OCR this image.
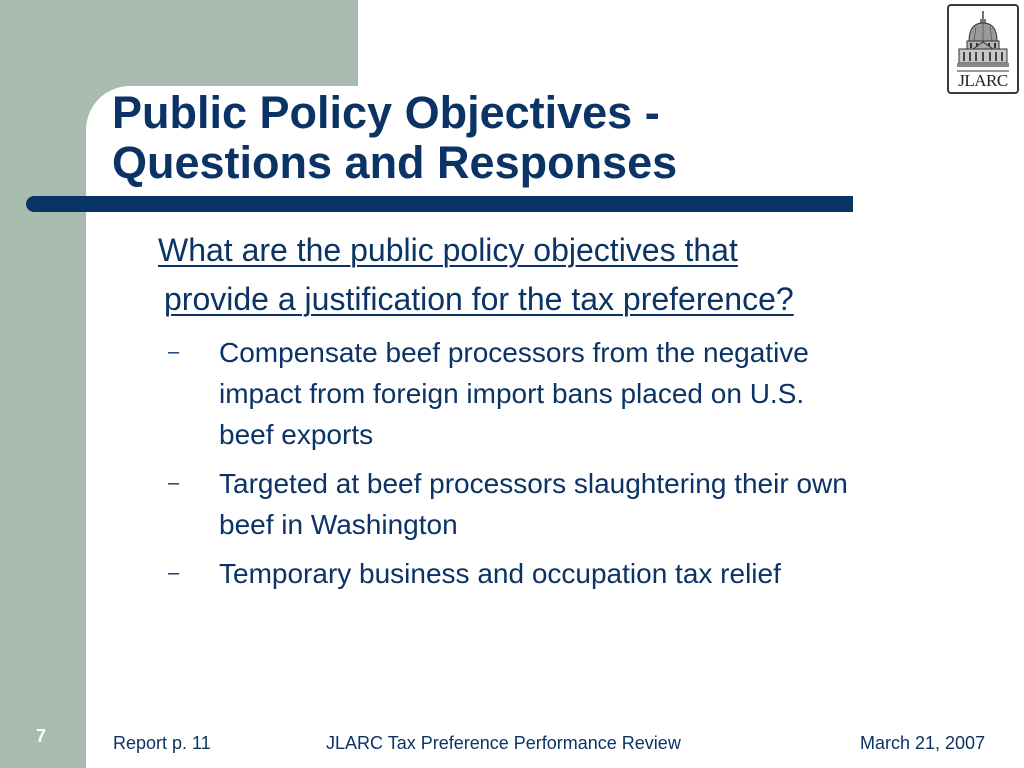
Public Policy Objectives -
Questions and Responses
JLARC

What are the public policy objectives that
provide a justification for the tax preference?

– Compensate beef processors from the negative
impact from foreign import bans placed on U.S.
beef exports
– Targeted at beef processors slaughtering their own
beef in Washington
– Temporary business and occupation tax relief
7	Report p. 11	JLARC Tax Preference Performance Review	March 21, 2007
